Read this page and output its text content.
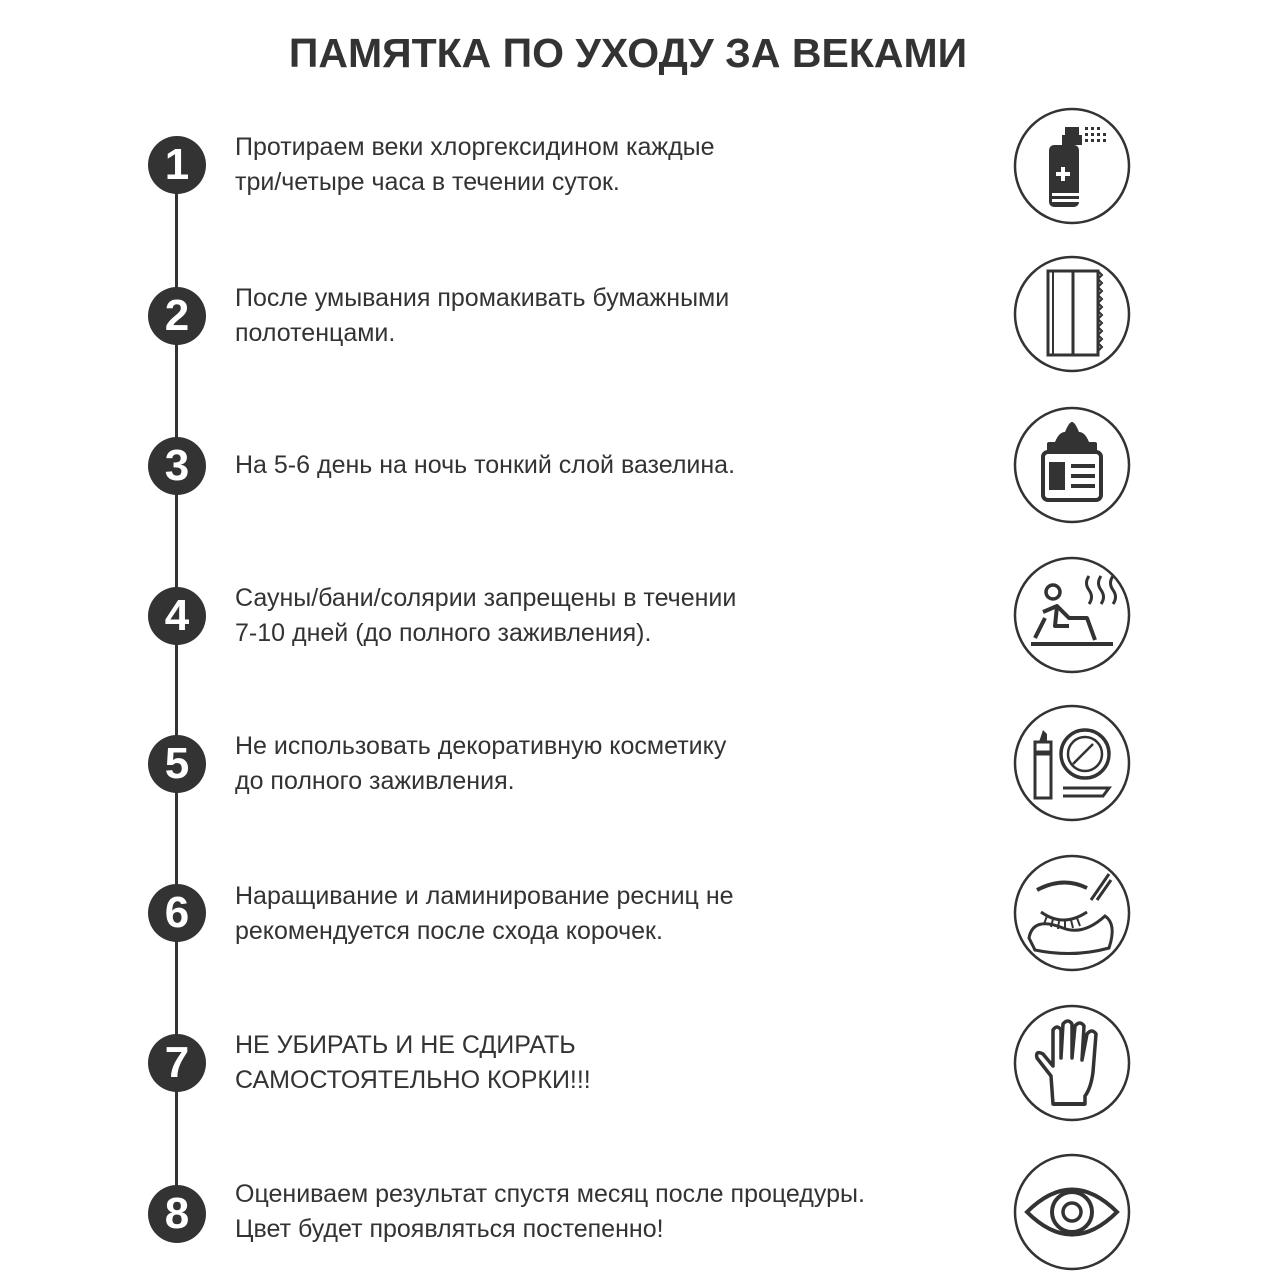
ПАМЯТКА ПО УХОДУ ЗА ВЕКАМИ
1	Протираем веки хлоргексидином каждые
три/четыре часа в течении суток.
2	После умывания промакивать бумажными
полотенцами.
3	На 5-6 день на ночь тонкий слой вазелина.
4	Сауны/бани/солярии запрещены в течении
7-10 дней (до полного заживления).
5	Не использовать декоративную косметику
до полного заживления.
6	Наращивание и ламинирование ресниц не
рекомендуется после схода корочек.
7	НЕ УБИРАТЬ И НЕ СДИРАТЬ
САМОСТОЯТЕЛЬНО КОРКИ!!!
8	Оцениваем результат спустя месяц после процедуры.
Цвет будет проявляться постепенно!
